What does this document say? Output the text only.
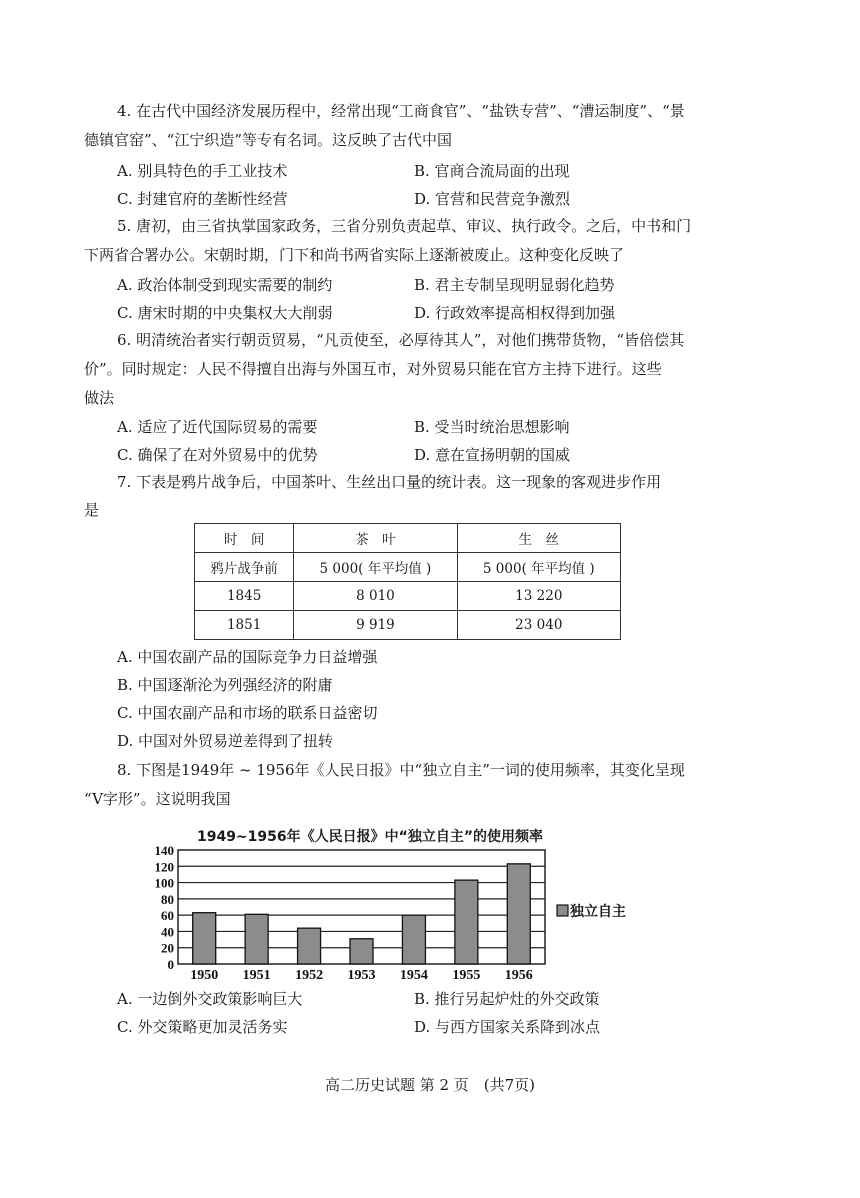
4. 在古代中国经济发展历程中，经常出现“工商食官”、“盐铁专营”、“漕运制度”、“景
德镇官窑”、“江宁织造”等专有名词。这反映了古代中国
A. 别具特色的手工业技术	B. 官商合流局面的出现
C. 封建官府的垄断性经营	D. 官营和民营竞争激烈
5. 唐初，由三省执掌国家政务，三省分别负责起草、审议、执行政令。之后，中书和门
下两省合署办公。宋朝时期，门下和尚书两省实际上逐渐被废止。这种变化反映了
A. 政治体制受到现实需要的制约	B. 君主专制呈现明显弱化趋势
C. 唐宋时期的中央集权大大削弱	D. 行政效率提高相权得到加强
6. 明清统治者实行朝贡贸易，“凡贡使至，必厚待其人”，对他们携带货物，“皆倍偿其
价”。同时规定：人民不得擅自出海与外国互市，对外贸易只能在官方主持下进行。这些
做法
A. 适应了近代国际贸易的需要	B. 受当时统治思想影响
C. 确保了在对外贸易中的优势	D. 意在宣扬明朝的国威
7. 下表是鸦片战争后，中国茶叶、生丝出口量的统计表。这一现象的客观进步作用
是
时　间	茶　叶	生　丝
鸦片战争前	5 000( 年平均值 )	5 000( 年平均值 )
1845	8 010	13 220
1851	9 919	23 040
A. 中国农副产品的国际竞争力日益增强
B. 中国逐渐沦为列强经济的附庸
C. 中国农副产品和市场的联系日益密切
D. 中国对外贸易逆差得到了扭转
8. 下图是1949年 ~ 1956年《人民日报》中“独立自主”一词的使用频率，其变化呈现
“V字形”。这说明我国
1949~1956年《人民日报》中“独立自主”的使用频率
0
20
40
60
80
100
120
140
1950 1951 1952 1953 1954 1955 1956
独立自主
A. 一边倒外交政策影响巨大	B. 推行另起炉灶的外交政策
C. 外交策略更加灵活务实	D. 与西方国家关系降到冰点
高二历史试题 第 2 页　(共7页)
